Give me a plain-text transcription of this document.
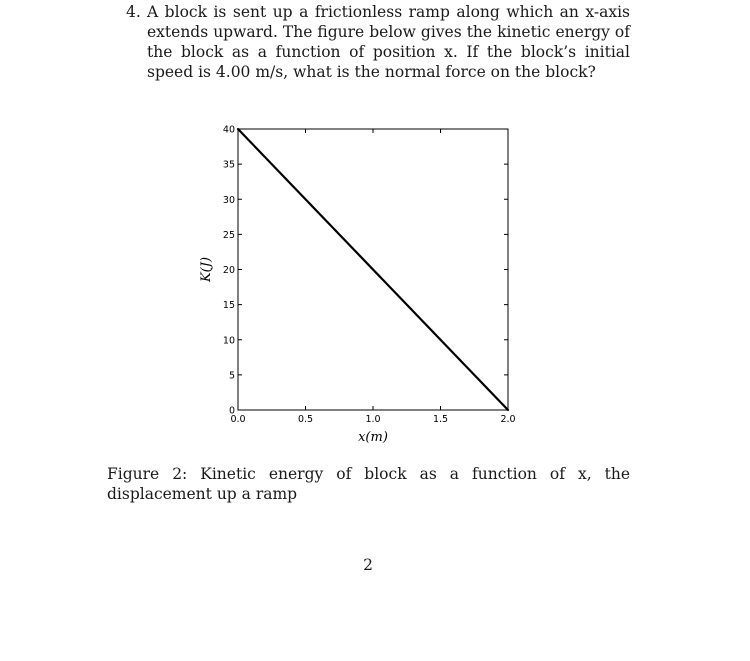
4. A block is sent up a frictionless ramp along which an x-axis extends upward. The figure below gives the kinetic energy of the block as a function of position x. If the block’s initial speed is 4.00 m/s, what is the normal force on the block?
0.0	0.5	1.0	1.5	2.0
0
5
10
15
20
25
30
35
40
x(m)
K(J)
Figure 2: Kinetic energy of block as a function of x, the displacement up a ramp
2
